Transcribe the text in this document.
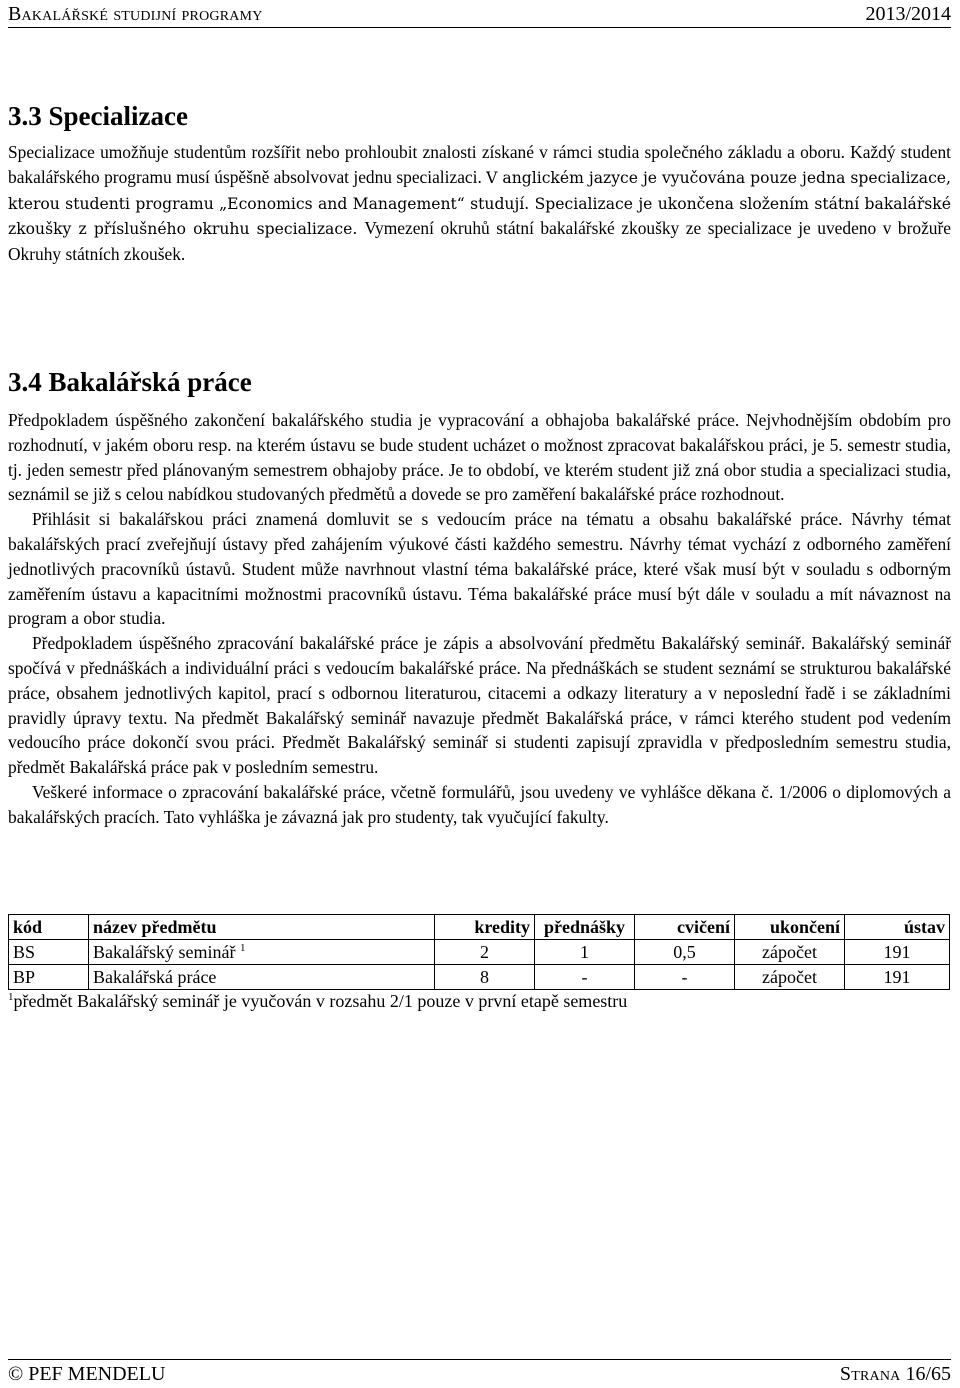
Bakalářské studijní programy	2013/2014
3.3 Specializace

Specializace umožňuje studentům rozšířit nebo prohloubit znalosti získané v rámci studia společného základu a oboru. Každý student bakalářského programu musí úspěšně absolvovat jednu specializaci. V anglickém jazyce je vyučována pouze jedna specializace, kterou studenti programu „Economics and Management“ studují. Specializace je ukončena složením státní bakalářské zkoušky z příslušného okruhu specializace. Vymezení okruhů státní bakalářské zkoušky ze specializace je uvedeno v brožuře Okruhy státních zkoušek.

3.4 Bakalářská práce

Předpokladem úspěšného zakončení bakalářského studia je vypracování a obhajoba bakalářské práce. Nejvhodnějším obdobím pro rozhodnutí, v jakém oboru resp. na kterém ústavu se bude student ucházet o možnost zpracovat bakalářskou práci, je 5. semestr studia, tj. jeden semestr před plánovaným semestrem obhajoby práce. Je to období, ve kterém student již zná obor studia a specializaci studia, seznámil se již s celou nabídkou studovaných předmětů a dovede se pro zaměření bakalářské práce rozhodnout.

Přihlásit si bakalářskou práci znamená domluvit se s vedoucím práce na tématu a obsahu bakalářské práce. Návrhy témat bakalářských prací zveřejňují ústavy před zahájením výukové části každého semestru. Návrhy témat vychází z odborného zaměření jednotlivých pracovníků ústavů. Student může navrhnout vlastní téma bakalářské práce, které však musí být v souladu s odborným zaměřením ústavu a kapacitními možnostmi pracovníků ústavu. Téma bakalářské práce musí být dále v souladu a mít návaznost na program a obor studia.

Předpokladem úspěšného zpracování bakalářské práce je zápis a absolvování předmětu Bakalářský seminář. Bakalářský seminář spočívá v přednáškách a individuální práci s vedoucím bakalářské práce. Na přednáškách se student seznámí se strukturou bakalářské práce, obsahem jednotlivých kapitol, prací s odbornou literaturou, citacemi a odkazy literatury a v neposlední řadě i se základními pravidly úpravy textu. Na předmět Bakalářský seminář navazuje předmět Bakalářská práce, v rámci kterého student pod vedením vedoucího práce dokončí svou práci. Předmět Bakalářský seminář si studenti zapisují zpravidla v předposledním semestru studia, předmět Bakalářská práce pak v posledním semestru.

Veškeré informace o zpracování bakalářské práce, včetně formulářů, jsou uvedeny ve vyhlášce děkana č. 1/2006 o diplomových a bakalářských pracích. Tato vyhláška je závazná jak pro studenty, tak vyučující fakulty.

kód	název předmětu	kredity	přednášky	cvičení	ukončení	ústav
BS	Bakalářský seminář $^1$	2	1	0,5	zápočet	191
BP	Bakalářská práce	8	-	-	zápočet	191
$^1$předmět Bakalářský seminář je vyučován v rozsahu 2/1 pouze v první etapě semestru
© PEF MENDELU	Strana 16/65
